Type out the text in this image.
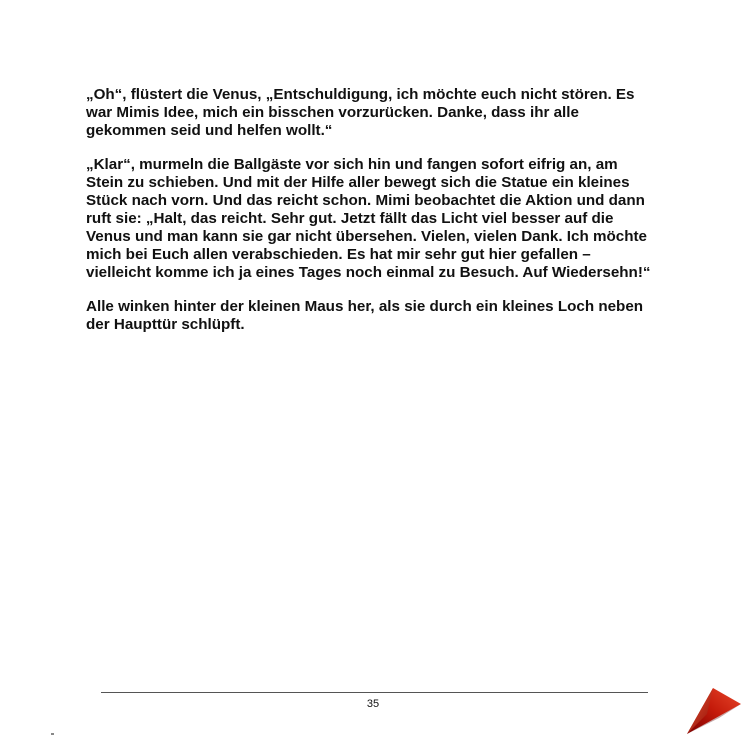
„Oh“, flüstert die Venus, „Entschuldigung, ich möchte euch nicht stören. Es
war Mimis Idee, mich ein bisschen vorzurücken. Danke, dass ihr alle
gekommen seid und helfen wollt.“

„Klar“, murmeln die Ballgäste vor sich hin und fangen sofort eifrig an, am
Stein zu schieben. Und mit der Hilfe aller bewegt sich die Statue ein kleines
Stück nach vorn. Und das reicht schon. Mimi beobachtet die Aktion und dann
ruft sie: „Halt, das reicht. Sehr gut. Jetzt fällt das Licht viel besser auf die
Venus und man kann sie gar nicht übersehen. Vielen, vielen Dank. Ich möchte
mich bei Euch allen verabschieden. Es hat mir sehr gut hier gefallen –
vielleicht komme ich ja eines Tages noch einmal zu Besuch. Auf Wiedersehn!“

Alle winken hinter der kleinen Maus her, als sie durch ein kleines Loch neben
der Haupttür schlüpft.

35
